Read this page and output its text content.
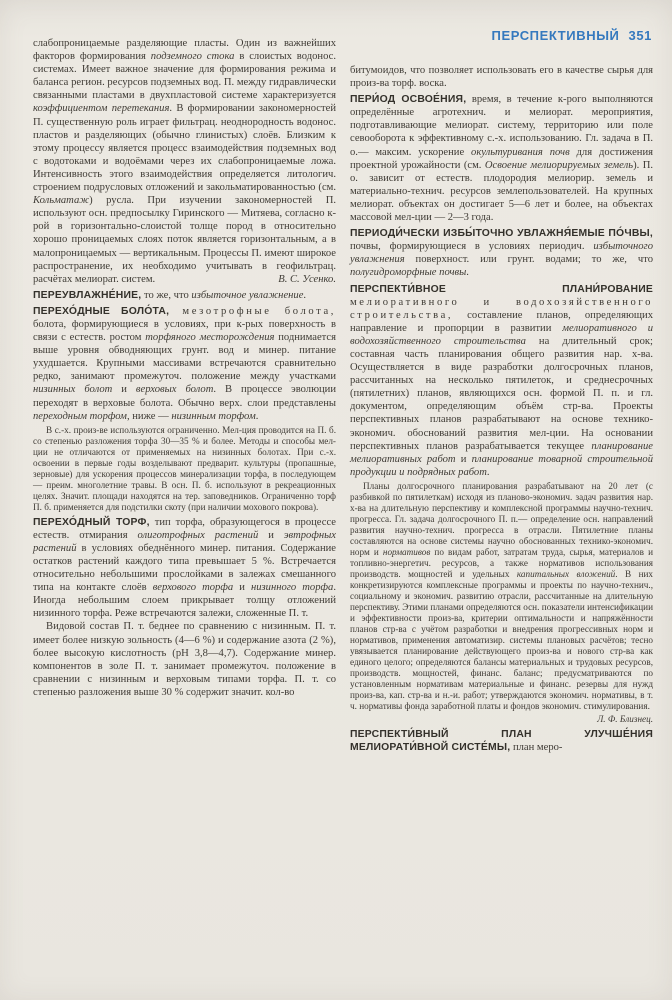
слабопроницаемые разделяющие пласты. Один из важнейших факторов формирования подземного стока в слоистых водонос. системах. Имеет важное значение для формирования режима и баланса регион. ресурсов подземных вод. П. между гидравлически связанными пластами в двухпластовой системе характеризуется коэффициентом перетекания. В формировании закономерностей П. существенную роль играет фильтрац. неоднородность водонос. пластов и разделяющих (обычно глинистых) слоёв. Близким к этому процессу является процесс взаимодействия подземных вод с водотоками и водоёмами через их слабопроницаемые ложа. Интенсивность этого взаимодействия определяется литологич. строением подрусловых отложений и закольматированностью (см. Кольматаж) русла. При изучении закономерностей П. используют осн. предпосылку Гиринского — Митяева, согласно к-рой в горизонтально-слоистой толще пород в относительно хорошо проницаемых слоях поток является горизонтальным, а в малопроницаемых — вертикальным. Процессы П. имеют широкое распространение, их необходимо учитывать в геофильтрац. расчётах мелиорат. систем.	В. С. Усенко.

ПЕРЕУВЛАЖНЕ́НИЕ, то же, что избыточное увлажнение.

ПЕРЕХО́ДНЫЕ БОЛО́ТА, мезотрофные болота, болота, формирующиеся в условиях, при к-рых поверхность в связи с естеств. ростом торфяного месторождения поднимается выше уровня обводняющих грунт. вод и минер. питание ухудшается. Крупными массивами встречаются сравнительно редко, занимают промежуточ. положение между участками низинных болот и верховых болот. В процессе эволюции переходят в верховые болота. Обычно верх. слои представлены переходным торфом, ниже — низинным торфом.

В с.-х. произ-ве используются ограниченно. Мел-ция проводится на П. б. со степенью разложения торфа 30—35 % и более. Методы и способы мел-ции не отличаются от применяемых на низинных болотах. При с.-х. освоении в первые годы возделывают предварит. культуры (пропашные, зерновые) для ускорения процессов минерализации торфа, в последующем — преим. многолетние травы. В осн. П. б. используют в рекреационных целях. Значит. площади находятся на тер. заповедников. Ограниченно торф П. б. применяется для подстилки скоту (при наличии мохового покрова).

ПЕРЕХО́ДНЫЙ ТОРФ, тип торфа, образующегося в процессе естеств. отмирания олиготрофных растений и эвтрофных растений в условиях обеднённого минер. питания. Содержание остатков растений каждого типа превышает 5 %. Встречается относительно небольшими прослойками в залежах смешанного типа на контакте слоёв верхового торфа и низинного торфа. Иногда небольшим слоем прикрывает толщу отложений низинного торфа. Реже встречаются залежи, сложенные П. т.

Видовой состав П. т. беднее по сравнению с низинным. П. т. имеет более низкую зольность (4—6 %) и содержание азота (2 %), более высокую кислотность (рН 3,8—4,7). Содержание минер. компонентов в золе П. т. занимает промежуточ. положение в сравнении с низинным и верховым типами торфа. П. т. со степенью разложения выше 30 % содержит значит. кол-во

ПЕРСПЕКТИВНЫЙ 351

битумоидов, что позволяет использовать его в качестве сырья для произ-ва торф. воска.

ПЕРИ́ОД ОСВОЕ́НИЯ, время, в течение к-рого выполняются определённые агротехнич. и мелиорат. мероприятия, подготавливающие мелиорат. систему, территорию или поле севооборота к эффективному с.-х. использованию. Гл. задача в П. о.— максим. ускорение окультуривания почв для достижения проектной урожайности (см. Освоение мелиорируемых земель). П. о. зависит от естеств. плодородия мелиорир. земель и материально-технич. ресурсов землепользователей. На крупных мелиорат. объектах он достигает 5—6 лет и более, на объектах массовой мел-ции — 2—3 года.

ПЕРИОДИ́ЧЕСКИ ИЗБЫ́ТОЧНО УВЛАЖНЯ́ЕМЫЕ ПО́ЧВЫ, почвы, формирующиеся в условиях периодич. избыточного увлажнения поверхност. или грунт. водами; то же, что полугидроморфные почвы.

ПЕРСПЕКТИ́ВНОЕ ПЛАНИ́РОВАНИЕ мелиоративного и водохозяйственного строительства, составление планов, определяющих направление и пропорции в развитии мелиоративного и водохозяйственного строительства на длительный срок; составная часть планирования общего развития нар. х-ва. Осуществляется в виде разработки долгосрочных планов, рассчитанных на несколько пятилеток, и среднесрочных (пятилетних) планов, являющихся осн. формой П. п. и гл. документом, определяющим объём стр-ва. Проекты перспективных планов разрабатывают на основе технико-экономич. обоснований развития мел-ции. На основании перспективных планов разрабатывается текущее планирование мелиоративных работ и планирование товарной строительной продукции и подрядных работ.

Планы долгосрочного планирования разрабатывают на 20 лет (с разбивкой по пятилеткам) исходя из планово-экономич. задач развития нар. х-ва на длительную перспективу и комплексной программы научно-технич. прогресса. Гл. задача долгосрочного П. п.— определение осн. направлений развития научно-технич. прогресса в отрасли. Пятилетние планы составляются на основе системы научно обоснованных технико-экономич. норм и нормативов по видам работ, затратам труда, сырья, материалов и топливно-энергетич. ресурсов, а также нормативов использования производств. мощностей и удельных капитальных вложений. В них конкретизируются комплексные программы и проекты по научно-технич., социальному и экономич. развитию отрасли, рассчитанные на длительную перспективу. Этими планами определяются осн. показатели интенсификации и эффективности произ-ва, критерии оптимальности и напряжённости планов стр-ва с учётом разработки и внедрения прогрессивных норм и нормативов, применения автоматизир. системы плановых расчётов; тесно увязывается планирование действующего произ-ва и нового стр-ва как единого целого; определяются балансы материальных и трудовых ресурсов, производств. мощностей, финанс. баланс; предусматриваются по установленным нормативам материальные и финанс. резервы для нужд произ-ва, кап. стр-ва и н.-и. работ; утверждаются экономич. нормативы, в т. ч. нормативы фонда заработной платы и фондов экономич. стимулирования.

Л. Ф. Близнец.

ПЕРСПЕКТИ́ВНЫЙ ПЛАН УЛУЧШЕ́НИЯ МЕЛИОРАТИ́ВНОЙ СИСТЕ́МЫ, план меро-
